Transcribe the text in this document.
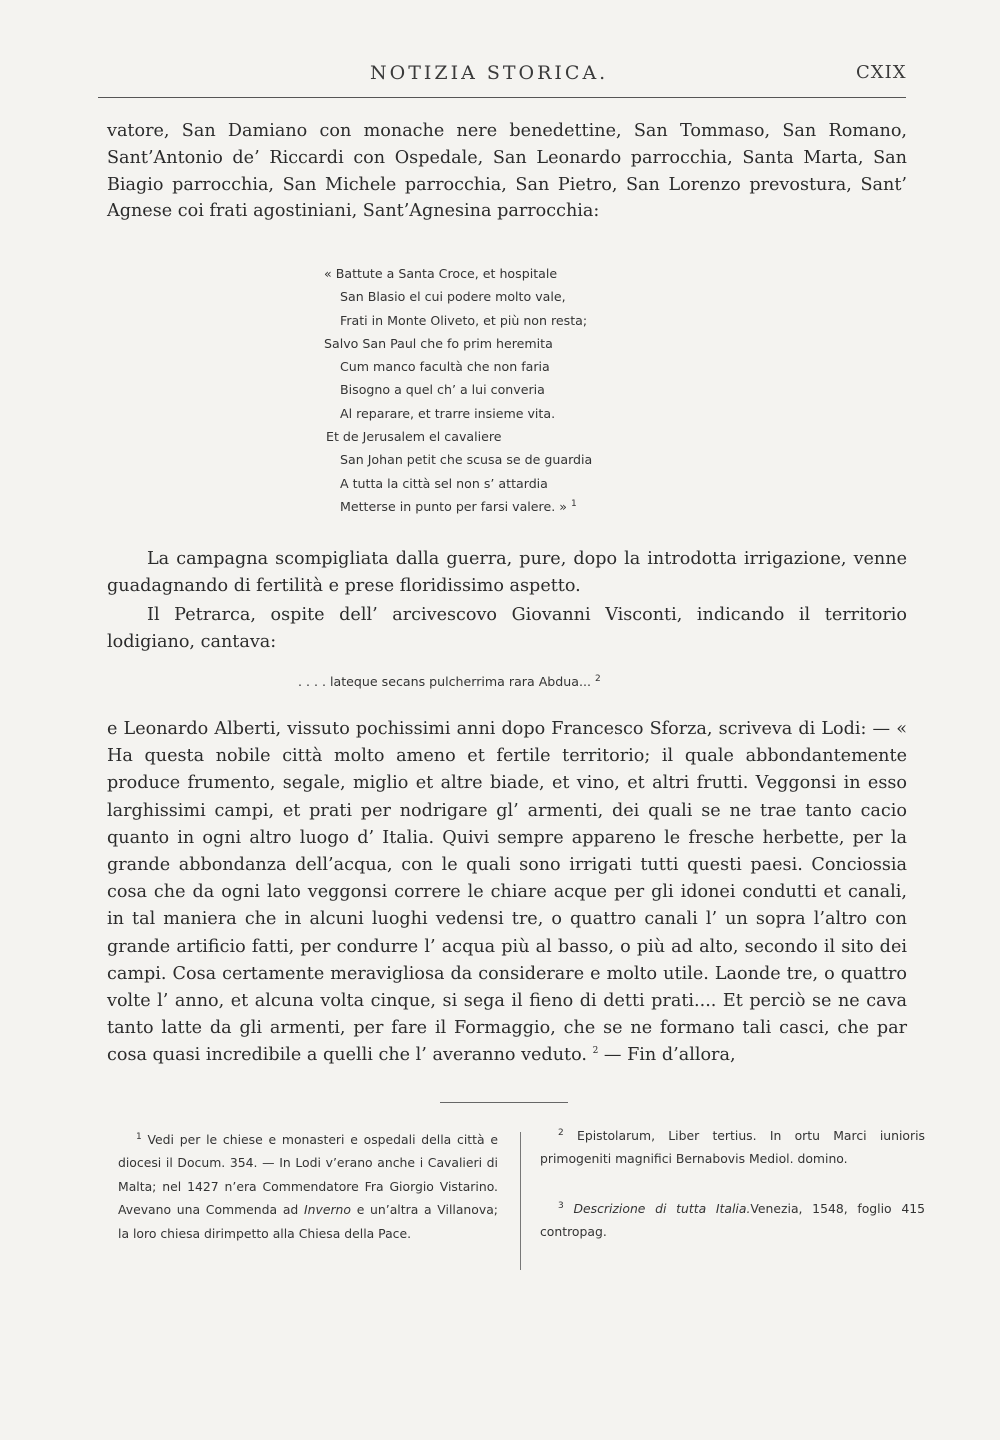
NOTIZIA STORICA.	CXIX

vatore, San Damiano con monache nere benedettine, San Tommaso, San Romano, Sant’Antonio de’ Riccardi con Ospedale, San Leonardo parrocchia, Santa Marta, San Biagio parrocchia, San Michele parrocchia, San Pietro, San Lorenzo prevostura, Sant’ Agnese coi frati agostiniani, Sant’Agnesina parrocchia:

« Battute a Santa Croce, et hospitale
San Blasio el cui podere molto vale,
Frati in Monte Oliveto, et più non resta;
Salvo San Paul che fo prim heremita
Cum manco facultà che non faria
Bisogno a quel ch’ a lui converia
Al reparare, et trarre insieme vita.
Et de Jerusalem el cavaliere
San Johan petit che scusa se de guardia
A tutta la città sel non s’ attardia
Metterse in punto per farsi valere. » $^1$

La campagna scompigliata dalla guerra, pure, dopo la introdotta irrigazione, venne guadagnando di fertilità e prese floridissimo aspetto.

Il Petrarca, ospite dell’ arcivescovo Giovanni Visconti, indicando il territorio lodigiano, cantava:

. . . . lateque secans pulcherrima rara Abdua... $^2$

e Leonardo Alberti, vissuto pochissimi anni dopo Francesco Sforza, scriveva di Lodi: — « Ha questa nobile città molto ameno et fertile territorio; il quale abbondantemente produce frumento, segale, miglio et altre biade, et vino, et altri frutti. Veggonsi in esso larghissimi campi, et prati per nodrigare gl’ armenti, dei quali se ne trae tanto cacio quanto in ogni altro luogo d’ Italia. Quivi sempre appareno le fresche herbette, per la grande abbondanza dell’acqua, con le quali sono irrigati tutti questi paesi. Conciossia cosa che da ogni lato veggonsi correre le chiare acque per gli idonei condutti et canali, in tal maniera che in alcuni luoghi vedensi tre, o quattro canali l’ un sopra l’altro con grande artificio fatti, per condurre l’ acqua più al basso, o più ad alto, secondo il sito dei campi. Cosa certamente meravigliosa da considerare e molto utile. Laonde tre, o quattro volte l’ anno, et alcuna volta cinque, si sega il fieno di detti prati.... Et perciò se ne cava tanto latte da gli armenti, per fare il Formaggio, che se ne formano tali casci, che par cosa quasi incredibile a quelli che l’ averanno veduto. $^2$ — Fin d’allora,

$^1$ Vedi per le chiese e monasteri e ospedali della città e diocesi il Docum. 354. — In Lodi v’erano anche i Cavalieri di Malta; nel 1427 n’era Commendatore Fra Giorgio Vistarino. Avevano una Commenda ad Inverno e un’altra a Villanova; la loro chiesa dirimpetto alla Chiesa della Pace.
$^2$ Epistolarum, Liber tertius. In ortu Marci iunioris primogeniti magnifici Bernabovis Mediol. domino.
$^3$ Descrizione di tutta Italia.Venezia, 1548, foglio 415 contropag.
